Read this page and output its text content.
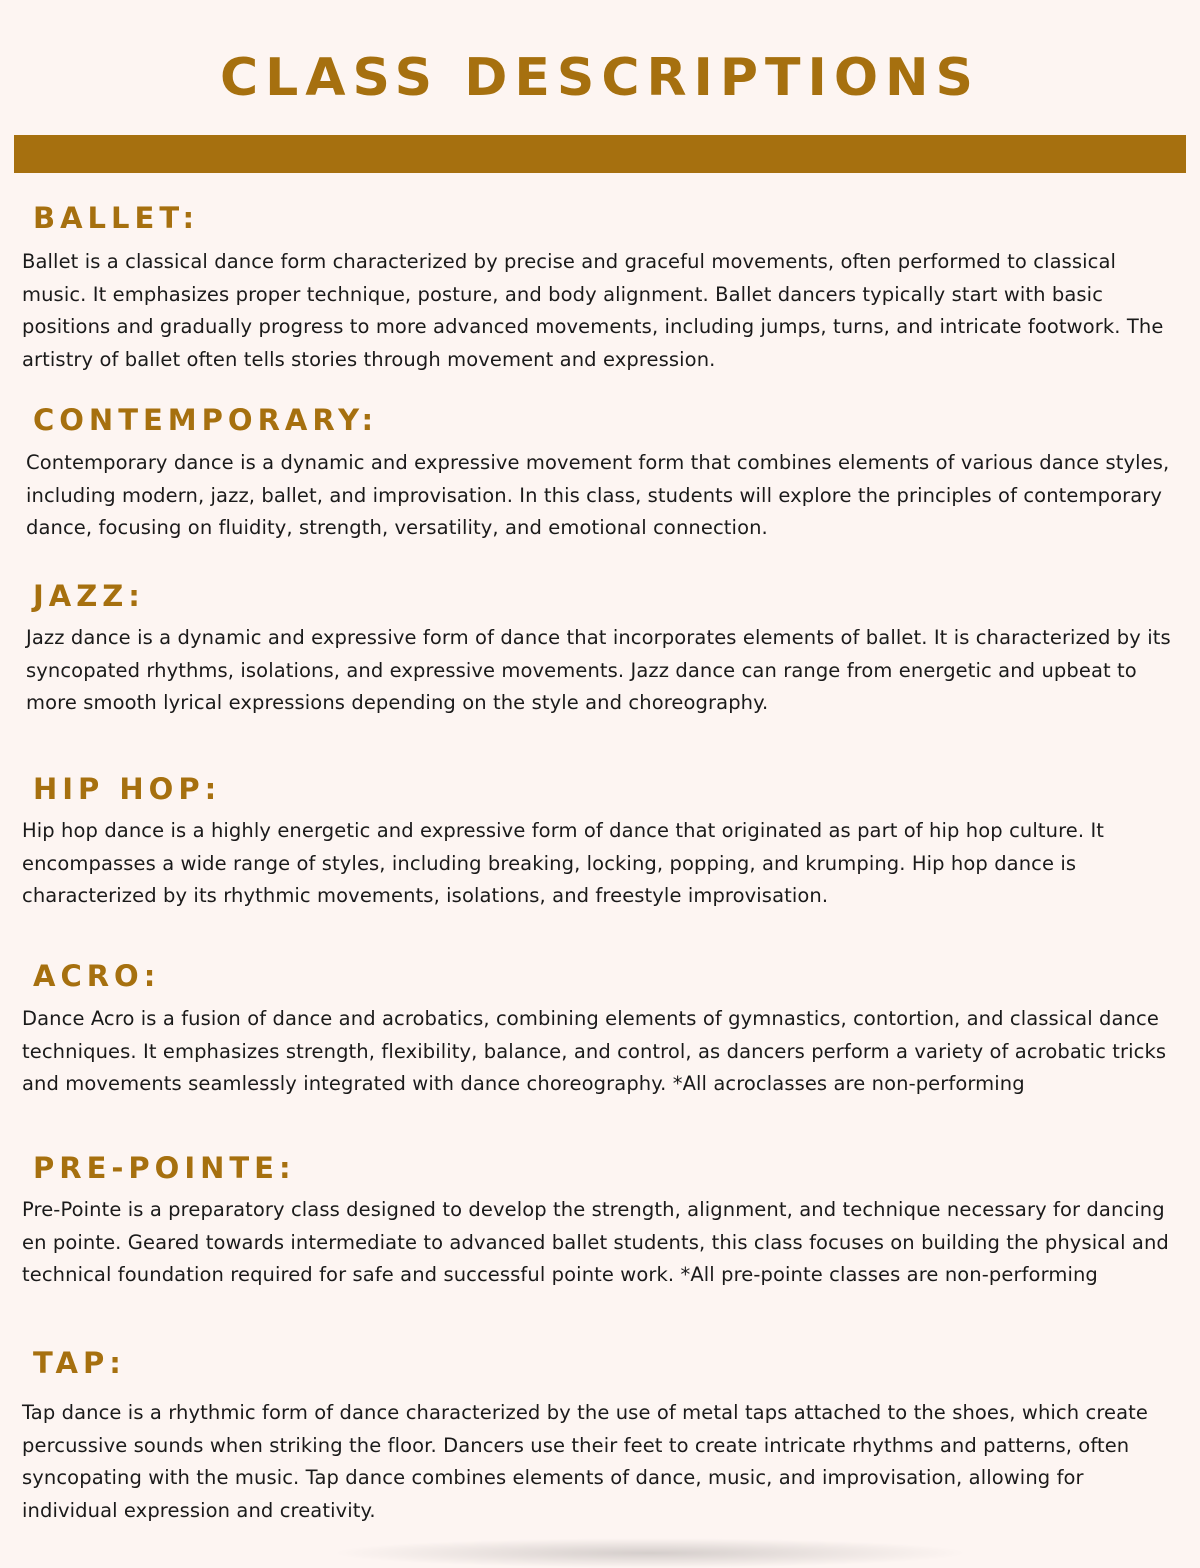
CLASS DESCRIPTIONS
BALLET:

Ballet is a classical dance form characterized by precise and graceful movements, often performed to classical music. It emphasizes proper technique, posture, and body alignment. Ballet dancers typically start with basic positions and gradually progress to more advanced movements, including jumps, turns, and intricate footwork. The artistry of ballet often tells stories through movement and expression.

CONTEMPORARY:

Contemporary dance is a dynamic and expressive movement form that combines elements of various dance styles, including modern, jazz, ballet, and improvisation. In this class, students will explore the principles of contemporary dance, focusing on fluidity, strength, versatility, and emotional connection.

JAZZ:

Jazz dance is a dynamic and expressive form of dance that incorporates elements of ballet. It is characterized by its syncopated rhythms, isolations, and expressive movements. Jazz dance can range from energetic and upbeat to more smooth lyrical expressions depending on the style and choreography.

HIP HOP:

Hip hop dance is a highly energetic and expressive form of dance that originated as part of hip hop culture. It encompasses a wide range of styles, including breaking, locking, popping, and krumping. Hip hop dance is characterized by its rhythmic movements, isolations, and freestyle improvisation.

ACRO:

Dance Acro is a fusion of dance and acrobatics, combining elements of gymnastics, contortion, and classical dance techniques. It emphasizes strength, flexibility, balance, and control, as dancers perform a variety of acrobatic tricks and movements seamlessly integrated with dance choreography. *All acroclasses are non-performing

PRE-POINTE:

Pre-Pointe is a preparatory class designed to develop the strength, alignment, and technique necessary for dancing en pointe. Geared towards intermediate to advanced ballet students, this class focuses on building the physical and technical foundation required for safe and successful pointe work. *All pre-pointe classes are non-performing

TAP:

Tap dance is a rhythmic form of dance characterized by the use of metal taps attached to the shoes, which create percussive sounds when striking the floor. Dancers use their feet to create intricate rhythms and patterns, often syncopating with the music. Tap dance combines elements of dance, music, and improvisation, allowing for individual expression and creativity.
